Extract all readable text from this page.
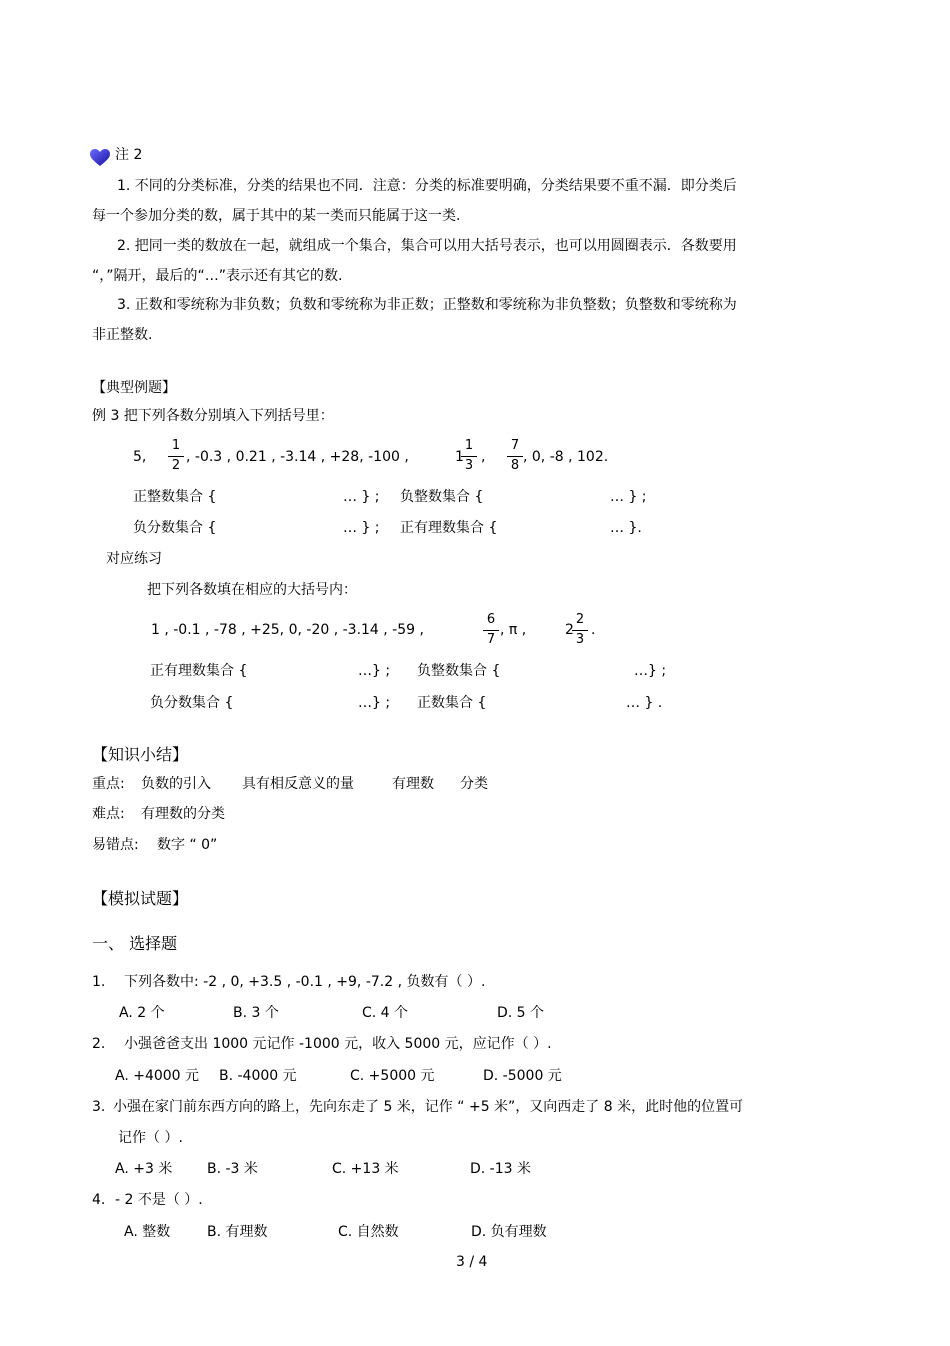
注 2
1. 不同的分类标准，分类的结果也不同．注意：分类的标准要明确，分类结果要不重不漏．即分类后
每一个参加分类的数，属于其中的某一类而只能属于这一类.
2. 把同一类的数放在一起，就组成一个集合，集合可以用大括号表示，也可以用圆圈表示．各数要用
“，”隔开，最后的“…”表示还有其它的数.
3. 正数和零统称为非负数；负数和零统称为非正数；正整数和零统称为非负整数；负整数和零统称为
非正整数.
【典型例题】
例 3 把下列各数分别填入下列括号里：
5,
1
2
, -0.3 , 0.21 , -3.14 , +28, -100 ,	1
1
3
,
7
8
, 0, -8 , 102.
正整数集合 {	… } ; 负整数集合 {	… } ;
负分数集合 {	… } ; 正有理数集合 {	… }.
对应练习
把下列各数填在相应的大括号内：
1 , -0.1 , -78 , +25, 0, -20 , -3.14 , -59 ,
6
7
, π ,	2
2
3
.
正有理数集合 {	…} ; 负整数集合 {	…} ;
负分数集合 {	…} ; 正数集合 {	… } .
【知识小结】
重点: 负数的引入 具有相反意义的量	有理数 分类
难点: 有理数的分类
易错点: 数字 “ 0”
【模拟试题】
一、 选择题
1. 下列各数中: -2 , 0, +3.5 , -0.1 , +9, -7.2 , 负数有（ ）.
A. 2 个	B. 3 个	C. 4 个	D. 5 个
2. 小强爸爸支出 1000 元记作 -1000 元，收入 5000 元，应记作（ ）.
A. +4000 元 B. -4000 元	C. +5000 元	D. -5000 元
3. 小强在家门前东西方向的路上，先向东走了 5 米，记作 “ +5 米”，又向西走了 8 米，此时他的位置可
记作（ ）.
A. +3 米 B. -3 米	C. +13 米	D. -13 米
4. - 2 不是（ ）.
A. 整数	B. 有理数	C. 自然数	D. 负有理数
3 / 4
